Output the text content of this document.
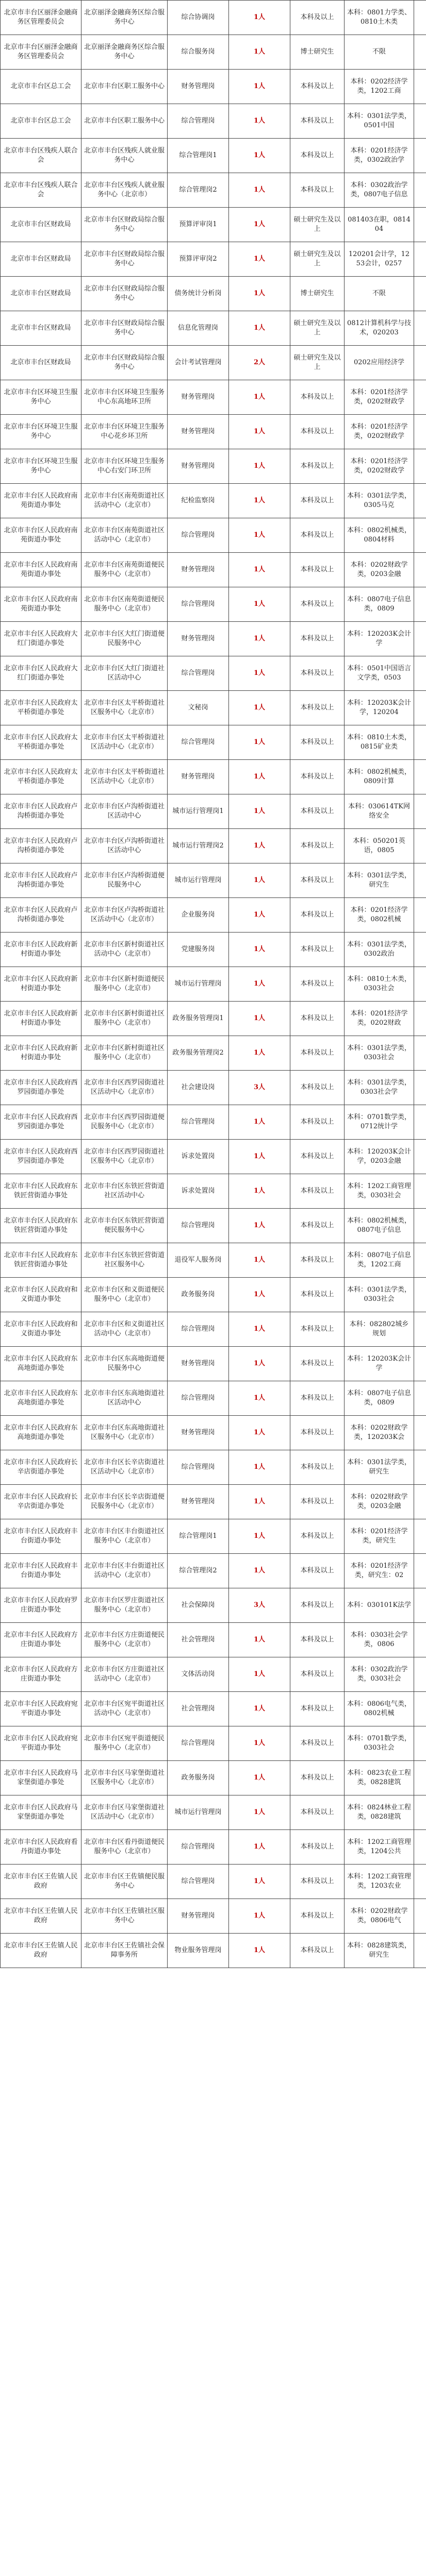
北京市丰台区丽泽金融商务区管理委员会	北京丽泽金融商务区综合服务中心	综合协调岗	1人	本科及以上	本科：0801力学类、0810土木类	
北京市丰台区丽泽金融商务区管理委员会	北京丽泽金融商务区综合服务中心	综合服务岗	1人	博士研究生	不限	
北京市丰台区总工会	北京市丰台区职工服务中心	财务管理岗	1人	本科及以上	本科：0202经济学类，1202工商	
北京市丰台区总工会	北京市丰台区职工服务中心	综合管理岗	1人	本科及以上	本科：0301法学类，0501中国	
北京市丰台区残疾人联合会	北京市丰台区残疾人就业服务中心	综合管理岗1	1人	本科及以上	本科：0201经济学类，0302政治学	
北京市丰台区残疾人联合会	北京市丰台区残疾人就业服务中心（北京市）	综合管理岗2	1人	本科及以上	本科：0302政治学类，0807电子信息	
北京市丰台区财政局	北京市丰台区财政局综合服务中心	预算评审岗1	1人	硕士研究生及以上	081403在职，081404	
北京市丰台区财政局	北京市丰台区财政局综合服务中心	预算评审岗2	1人	硕士研究生及以上	120201会计学，1253会计，0257	
北京市丰台区财政局	北京市丰台区财政局综合服务中心	债务统计分析岗	1人	博士研究生	不限	
北京市丰台区财政局	北京市丰台区财政局综合服务中心	信息化管理岗	1人	硕士研究生及以上	0812计算机科学与技术，020203	
北京市丰台区财政局	北京市丰台区财政局综合服务中心	会计考试管理岗	2人	硕士研究生及以上	0202应用经济学	
北京市丰台区环境卫生服务中心	北京市丰台区环境卫生服务中心东高地环卫所	财务管理岗	1人	本科及以上	本科：0201经济学类，0202财政学	
北京市丰台区环境卫生服务中心	北京市丰台区环境卫生服务中心花乡环卫所	财务管理岗	1人	本科及以上	本科：0201经济学类，0202财政学	
北京市丰台区环境卫生服务中心	北京市丰台区环境卫生服务中心右安门环卫所	财务管理岗	1人	本科及以上	本科：0201经济学类，0202财政学	
北京市丰台区人民政府南苑街道办事处	北京市丰台区南苑街道社区活动中心（北京市）	纪检监察岗	1人	本科及以上	本科：0301法学类，0305马克	
北京市丰台区人民政府南苑街道办事处	北京市丰台区南苑街道社区活动中心（北京市）	综合管理岗	1人	本科及以上	本科：0802机械类，0804材料	
北京市丰台区人民政府南苑街道办事处	北京市丰台区南苑街道便民服务中心（北京市）	财务管理岗	1人	本科及以上	本科：0202财政学类，0203金融	
北京市丰台区人民政府南苑街道办事处	北京市丰台区南苑街道便民服务中心（北京市）	综合管理岗	1人	本科及以上	本科：0807电子信息类，0809	
北京市丰台区人民政府大红门街道办事处	北京市丰台区大红门街道便民服务中心	财务管理岗	1人	本科及以上	本科：120203K会计学	
北京市丰台区人民政府大红门街道办事处	北京市丰台区大红门街道社区活动中心	综合管理岗	1人	本科及以上	本科：0501中国语言文学类，0503	
北京市丰台区人民政府太平桥街道办事处	北京市丰台区太平桥街道社区服务中心（北京市）	文秘岗	1人	本科及以上	本科：120203K会计学，120204	
北京市丰台区人民政府太平桥街道办事处	北京市丰台区太平桥街道社区活动中心（北京市）	综合管理岗	1人	本科及以上	本科：0810土木类，0815矿业类	
北京市丰台区人民政府太平桥街道办事处	北京市丰台区太平桥街道社区活动中心（北京市）	财务管理岗	1人	本科及以上	本科：0802机械类，0809计算	
北京市丰台区人民政府卢沟桥街道办事处	北京市丰台区卢沟桥街道社区活动中心	城市运行管理岗1	1人	本科及以上	本科：030614TK网络安全	
北京市丰台区人民政府卢沟桥街道办事处	北京市丰台区卢沟桥街道社区活动中心	城市运行管理岗2	1人	本科及以上	本科：050201英语，0805	
北京市丰台区人民政府卢沟桥街道办事处	北京市丰台区卢沟桥街道便民服务中心	城市运行管理岗	1人	本科及以上	本科：0301法学类，研究生	
北京市丰台区人民政府卢沟桥街道办事处	北京市丰台区卢沟桥街道社区活动中心（北京市）	企业服务岗	1人	本科及以上	本科：0201经济学类，0802机械	
北京市丰台区人民政府新村街道办事处	北京市丰台区新村街道社区活动中心（北京市）	党建服务岗	1人	本科及以上	本科：0301法学类，0302政治	
北京市丰台区人民政府新村街道办事处	北京市丰台区新村街道便民服务中心（北京市）	城市运行管理岗	1人	本科及以上	本科：0810土木类，0303社会	
北京市丰台区人民政府新村街道办事处	北京市丰台区新村街道社区服务中心（北京市）	政务服务管理岗1	1人	本科及以上	本科：0201经济学类，0202财政	
北京市丰台区人民政府新村街道办事处	北京市丰台区新村街道社区服务中心（北京市）	政务服务管理岗2	1人	本科及以上	本科：0301法学类，0303社会	
北京市丰台区人民政府西罗园街道办事处	北京市丰台区西罗园街道社区活动中心（北京市）	社会建设岗	3人	本科及以上	本科：0301法学类，0303社会学	
北京市丰台区人民政府西罗园街道办事处	北京市丰台区西罗园街道便民服务中心（北京市）	综合管理岗	1人	本科及以上	本科：0701数学类，0712统计学	
北京市丰台区人民政府西罗园街道办事处	北京市丰台区西罗园街道社区服务中心（北京市）	诉求处置岗	1人	本科及以上	本科：120203K会计学，0203金融	
北京市丰台区人民政府东铁匠营街道办事处	北京市丰台区东铁匠营街道社区活动中心	诉求处置岗	1人	本科及以上	本科：1202工商管理类，0303社会	
北京市丰台区人民政府东铁匠营街道办事处	北京市丰台区东铁匠营街道便民服务中心	综合管理岗	1人	本科及以上	本科：0802机械类，0807电子信息	
北京市丰台区人民政府东铁匠营街道办事处	北京市丰台区东铁匠营街道社区服务中心	退役军人服务岗	1人	本科及以上	本科：0807电子信息类，1202工商	
北京市丰台区人民政府和义街道办事处	北京市丰台区和义街道便民服务中心（北京市）	政务服务岗	1人	本科及以上	本科：0301法学类，0303社会	
北京市丰台区人民政府和义街道办事处	北京市丰台区和义街道社区活动中心（北京市）	综合管理岗	1人	本科及以上	本科：082802城乡规划	
北京市丰台区人民政府东高地街道办事处	北京市丰台区东高地街道便民服务中心	财务管理岗	1人	本科及以上	本科：120203K会计学	
北京市丰台区人民政府东高地街道办事处	北京市丰台区东高地街道社区活动中心	综合管理岗	1人	本科及以上	本科：0807电子信息类，0809	
北京市丰台区人民政府东高地街道办事处	北京市丰台区东高地街道社区服务中心（北京市）	财务管理岗	1人	本科及以上	本科：0202财政学类，120203K会	
北京市丰台区人民政府长辛店街道办事处	北京市丰台区长辛店街道社区活动中心（北京市）	综合管理岗	1人	本科及以上	本科：0301法学类，研究生	
北京市丰台区人民政府长辛店街道办事处	北京市丰台区长辛店街道便民服务中心（北京市）	财务管理岗	1人	本科及以上	本科：0202财政学类，0203金融	
北京市丰台区人民政府丰台街道办事处	北京市丰台区丰台街道社区服务中心（北京市）	综合管理岗1	1人	本科及以上	本科：0201经济学类，研究生	
北京市丰台区人民政府丰台街道办事处	北京市丰台区丰台街道社区活动中心（北京市）	综合管理岗2	1人	本科及以上	本科：0201经济学类，研究生：02	
北京市丰台区人民政府罗庄街道办事处	北京市丰台区罗庄街道社区服务中心（北京市）	社会保障岗	3人	本科及以上	本科：030101K法学	
北京市丰台区人民政府方庄街道办事处	北京市丰台区方庄街道便民服务中心（北京市）	社会管理岗	1人	本科及以上	本科：0303社会学类，0806	
北京市丰台区人民政府方庄街道办事处	北京市丰台区方庄街道社区活动中心（北京市）	文体活动岗	1人	本科及以上	本科：0302政治学类，0303社会	
北京市丰台区人民政府宛平街道办事处	北京市丰台区宛平街道社区活动中心（北京市）	社会管理岗	1人	本科及以上	本科：0806电气类，0802机械	
北京市丰台区人民政府宛平街道办事处	北京市丰台区宛平街道便民服务中心（北京市）	综合管理岗	1人	本科及以上	本科：0701数学类，0303社会	
北京市丰台区人民政府马家堡街道办事处	北京市丰台区马家堡街道社区服务中心（北京市）	政务服务岗	1人	本科及以上	本科：0823农业工程类，0828建筑	
北京市丰台区人民政府马家堡街道办事处	北京市丰台区马家堡街道社区活动中心（北京市）	城市运行管理岗	1人	本科及以上	本科：0824林业工程类，0828建筑	
北京市丰台区人民政府看丹街道办事处	北京市丰台区看丹街道便民服务中心（北京市）	综合管理岗	1人	本科及以上	本科：1202工商管理类，1204公共	
北京市丰台区王佐镇人民政府	北京市丰台区王佐镇便民服务中心	综合管理岗	1人	本科及以上	本科：1202工商管理类，1203农业	
北京市丰台区王佐镇人民政府	北京市丰台区王佐镇社区服务中心	财务管理岗	1人	本科及以上	本科：0202财政学类，0806电气	
北京市丰台区王佐镇人民政府	北京市丰台区王佐镇社会保障事务所	物业服务管理岗	1人	本科及以上	本科：0828建筑类，研究生	
